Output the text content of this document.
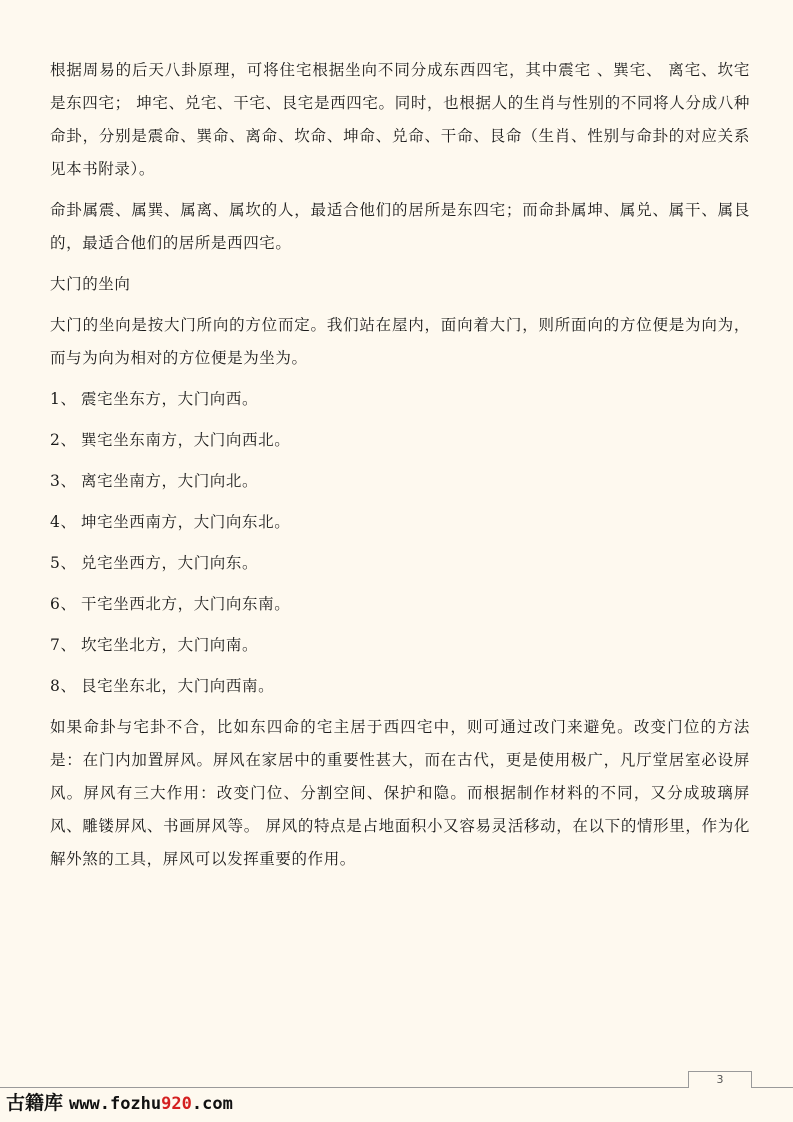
根据周易的后天八卦原理，可将住宅根据坐向不同分成东西四宅，其中震宅 、巽宅、 离宅、坎宅是东四宅； 坤宅、兑宅、干宅、艮宅是西四宅。同时，也根据人的生肖与性别的不同将人分成八种命卦，分别是震命、巽命、离命、坎命、坤命、兑命、干命、艮命（生肖、性别与命卦的对应关系见本书附录）。

命卦属震、属巽、属离、属坎的人，最适合他们的居所是东四宅；而命卦属坤、属兑、属干、属艮的，最适合他们的居所是西四宅。

大门的坐向

大门的坐向是按大门所向的方位而定。我们站在屋内，面向着大门，则所面向的方位便是为向为，而与为向为相对的方位便是为坐为。

1、 震宅坐东方，大门向西。
2、 巽宅坐东南方，大门向西北。
3、 离宅坐南方，大门向北。
4、 坤宅坐西南方，大门向东北。
5、 兑宅坐西方，大门向东。
6、 干宅坐西北方，大门向东南。
7、 坎宅坐北方，大门向南。
8、 艮宅坐东北，大门向西南。

如果命卦与宅卦不合，比如东四命的宅主居于西四宅中，则可通过改门来避免。改变门位的方法是：在门内加置屏风。屏风在家居中的重要性甚大，而在古代，更是使用极广，凡厅堂居室必设屏风。屏风有三大作用：改变门位、分割空间、保护和隐。而根据制作材料的不同，又分成玻璃屏风、雕镂屏风、书画屏风等。 屏风的特点是占地面积小又容易灵活移动，在以下的情形里，作为化解外煞的工具，屏风可以发挥重要的作用。

3
古籍库 www.fozhu920.com
